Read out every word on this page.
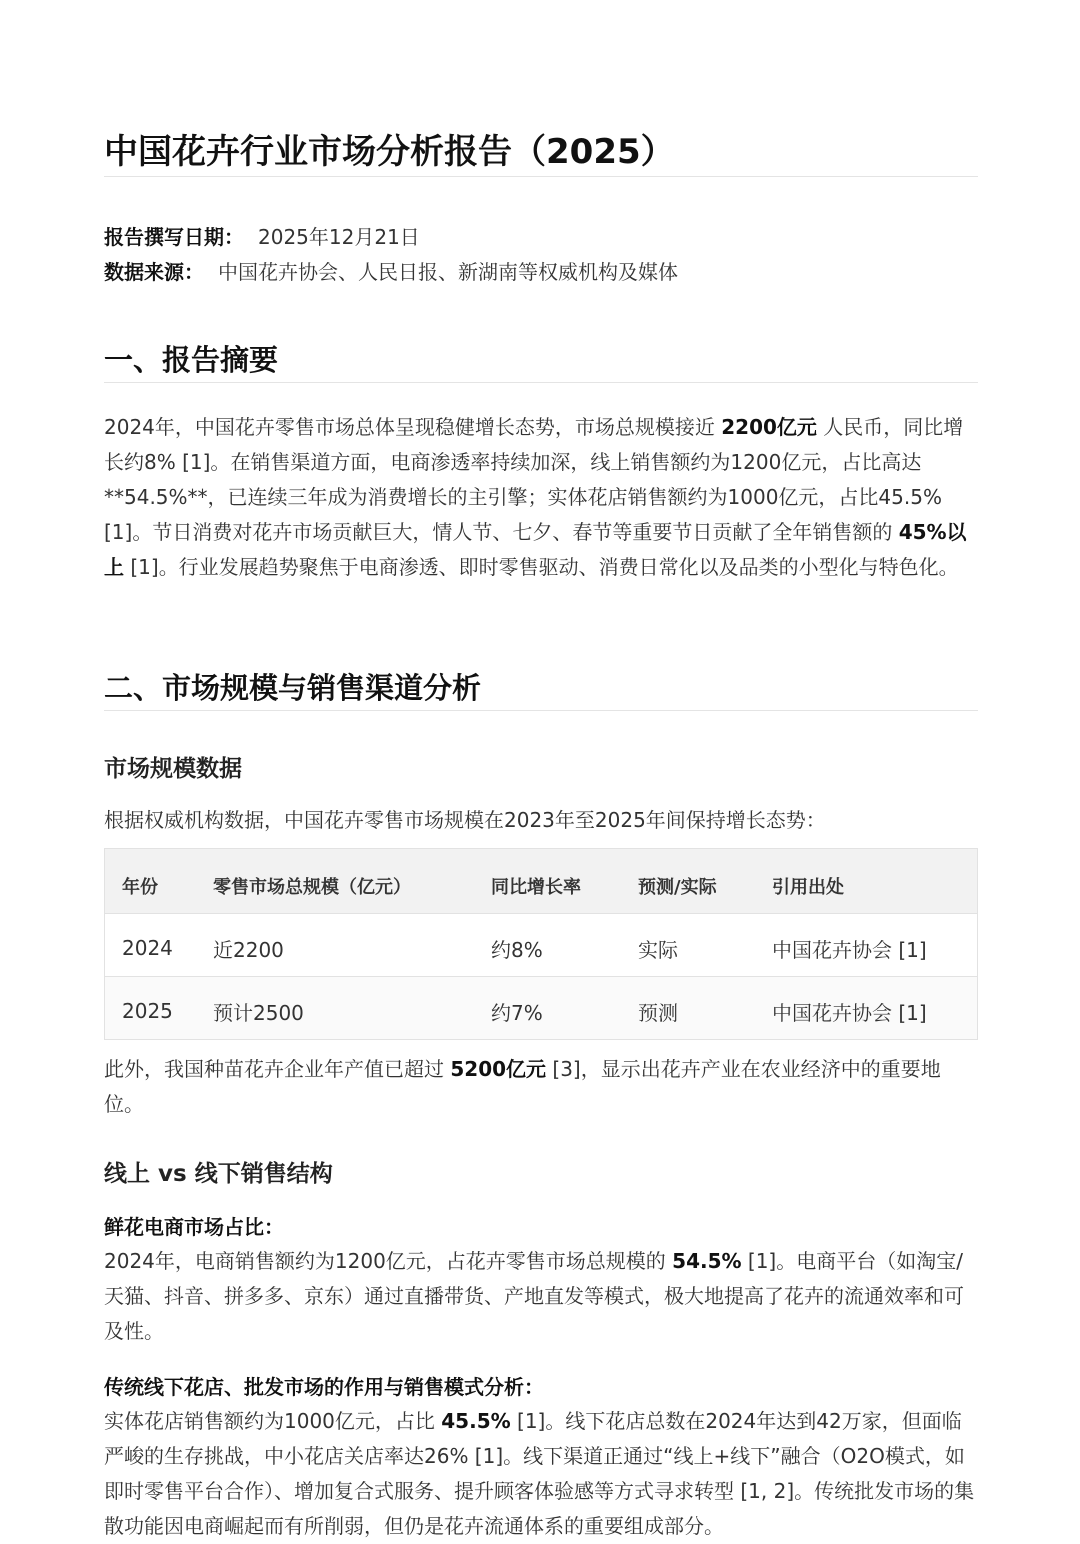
中国花卉行业市场分析报告（2025）
报告撰写日期： 2025年12月21日
数据来源： 中国花卉协会、人民日报、新湖南等权威机构及媒体
一、报告摘要

2024年，中国花卉零售市场总体呈现稳健增长态势，市场总规模接近 2200亿元 人民币，同比增长约8% [1]。在销售渠道方面，电商渗透率持续加深，线上销售额约为1200亿元，占比高达 **54.5%**，已连续三年成为消费增长的主引擎；实体花店销售额约为1000亿元，占比45.5% [1]。节日消费对花卉市场贡献巨大，情人节、七夕、春节等重要节日贡献了全年销售额的 45%以上 [1]。行业发展趋势聚焦于电商渗透、即时零售驱动、消费日常化以及品类的小型化与特色化。

二、市场规模与销售渠道分析
市场规模数据

根据权威机构数据，中国花卉零售市场规模在2023年至2025年间保持增长态势：

年份	零售市场总规模（亿元）	同比增长率	预测/实际	引用出处
2024	近2200	约8%	实际	中国花卉协会 [1]
2025	预计2500	约7%	预测	中国花卉协会 [1]

此外，我国种苗花卉企业年产值已超过 5200亿元 [3]，显示出花卉产业在农业经济中的重要地位。

线上 vs 线下销售结构
鲜花电商市场占比：

2024年，电商销售额约为1200亿元，占花卉零售市场总规模的 54.5% [1]。电商平台（如淘宝/天猫、抖音、拼多多、京东）通过直播带货、产地直发等模式，极大地提高了花卉的流通效率和可及性。

传统线下花店、批发市场的作用与销售模式分析：

实体花店销售额约为1000亿元，占比 45.5% [1]。线下花店总数在2024年达到42万家，但面临严峻的生存挑战，中小花店关店率达26% [1]。线下渠道正通过“线上+线下”融合（O2O模式，如即时零售平台合作）、增加复合式服务、提升顾客体验感等方式寻求转型 [1, 2]。传统批发市场的集散功能因电商崛起而有所削弱，但仍是花卉流通体系的重要组成部分。
